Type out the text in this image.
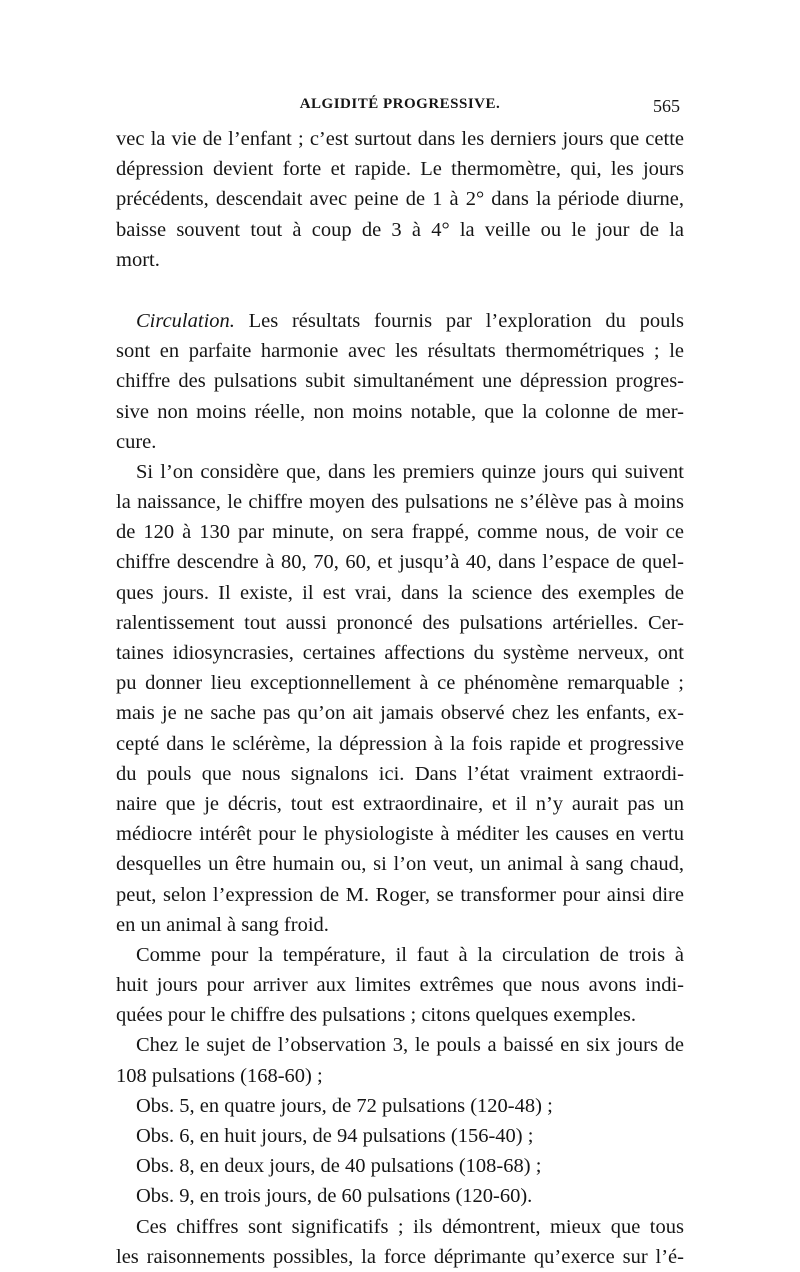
ALGIDITÉ PROGRESSIVE.	565
vec la vie de l’enfant ; c’est surtout dans les derniers jours que cette
dépression devient forte et rapide. Le thermomètre, qui, les jours
précédents, descendait avec peine de 1 à 2° dans la période diurne,
baisse souvent tout à coup de 3 à 4° la veille ou le jour de la
mort.
Circulation. Les résultats fournis par l’exploration du pouls
sont en parfaite harmonie avec les résultats thermométriques ; le
chiffre des pulsations subit simultanément une dépression progres-
sive non moins réelle, non moins notable, que la colonne de mer-
cure.
Si l’on considère que, dans les premiers quinze jours qui suivent
la naissance, le chiffre moyen des pulsations ne s’élève pas à moins
de 120 à 130 par minute, on sera frappé, comme nous, de voir ce
chiffre descendre à 80, 70, 60, et jusqu’à 40, dans l’espace de quel-
ques jours. Il existe, il est vrai, dans la science des exemples de
ralentissement tout aussi prononcé des pulsations artérielles. Cer-
taines idiosyncrasies, certaines affections du système nerveux, ont
pu donner lieu exceptionnellement à ce phénomène remarquable ;
mais je ne sache pas qu’on ait jamais observé chez les enfants, ex-
cepté dans le sclérème, la dépression à la fois rapide et progressive
du pouls que nous signalons ici. Dans l’état vraiment extraordi-
naire que je décris, tout est extraordinaire, et il n’y aurait pas un
médiocre intérêt pour le physiologiste à méditer les causes en vertu
desquelles un être humain ou, si l’on veut, un animal à sang chaud,
peut, selon l’expression de M. Roger, se transformer pour ainsi dire
en un animal à sang froid.
Comme pour la température, il faut à la circulation de trois à
huit jours pour arriver aux limites extrêmes que nous avons indi-
quées pour le chiffre des pulsations ; citons quelques exemples.
Chez le sujet de l’observation 3, le pouls a baissé en six jours de
108 pulsations (168-60) ;
Obs. 5, en quatre jours, de 72 pulsations (120-48) ;
Obs. 6, en huit jours, de 94 pulsations (156-40) ;
Obs. 8, en deux jours, de 40 pulsations (108-68) ;
Obs. 9, en trois jours, de 60 pulsations (120-60).
Ces chiffres sont significatifs ; ils démontrent, mieux que tous
les raisonnements possibles, la force déprimante qu’exerce sur l’é-
